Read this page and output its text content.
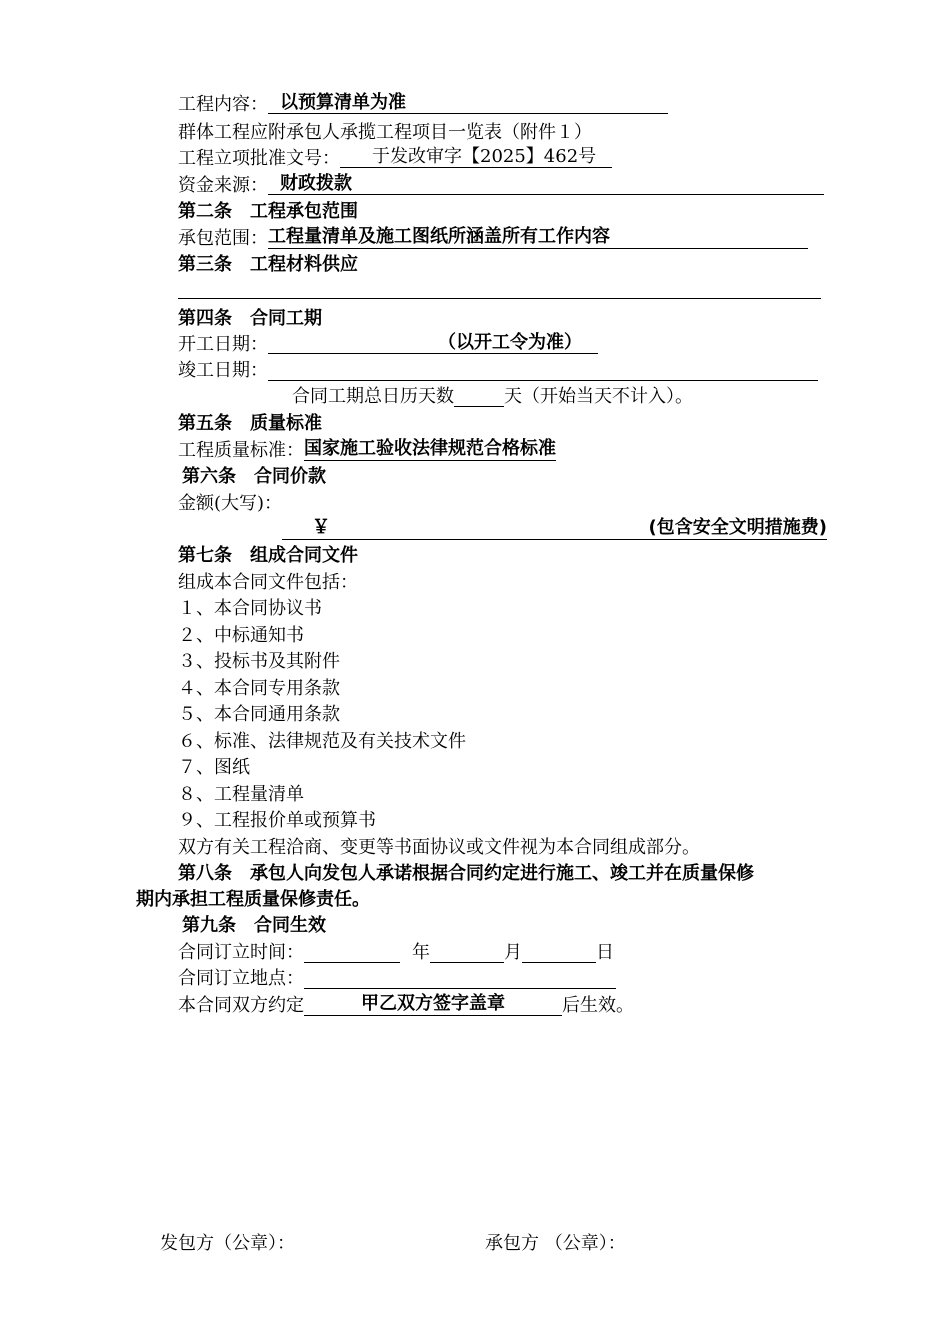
工程内容： 以预算清单为准
群体工程应附承包人承揽工程项目一览表（附件１）
工程立项批准文号： 于发改审字【2025】462号
资金来源： 财政拨款
第二条　工程承包范围
承包范围：工程量清单及施工图纸所涵盖所有工作内容
第三条　工程材料供应
第四条　合同工期
开工日期：	（以开工令为准）
竣工日期：
合同工期总日历天数	天（开始当天不计入）。
第五条　质量标准
工程质量标准：国家施工验收法律规范合格标准
第六条　合同价款
金额(大写)：
￥	(包含安全文明措施费)
第七条　组成合同文件
组成本合同文件包括：
１、本合同协议书
２、中标通知书
３、投标书及其附件
４、本合同专用条款
５、本合同通用条款
６、标准、法律规范及有关技术文件
７、图纸
８、工程量清单
９、工程报价单或预算书
双方有关工程洽商、变更等书面协议或文件视为本合同组成部分。
第八条　承包人向发包人承诺根据合同约定进行施工、竣工并在质量保修
期内承担工程质量保修责任。
第九条　合同生效
合同订立时间：	年	月	日
合同订立地点：
本合同双方约定	甲乙双方签字盖章	后生效。
发包方（公章）：	承包方 （公章）：
